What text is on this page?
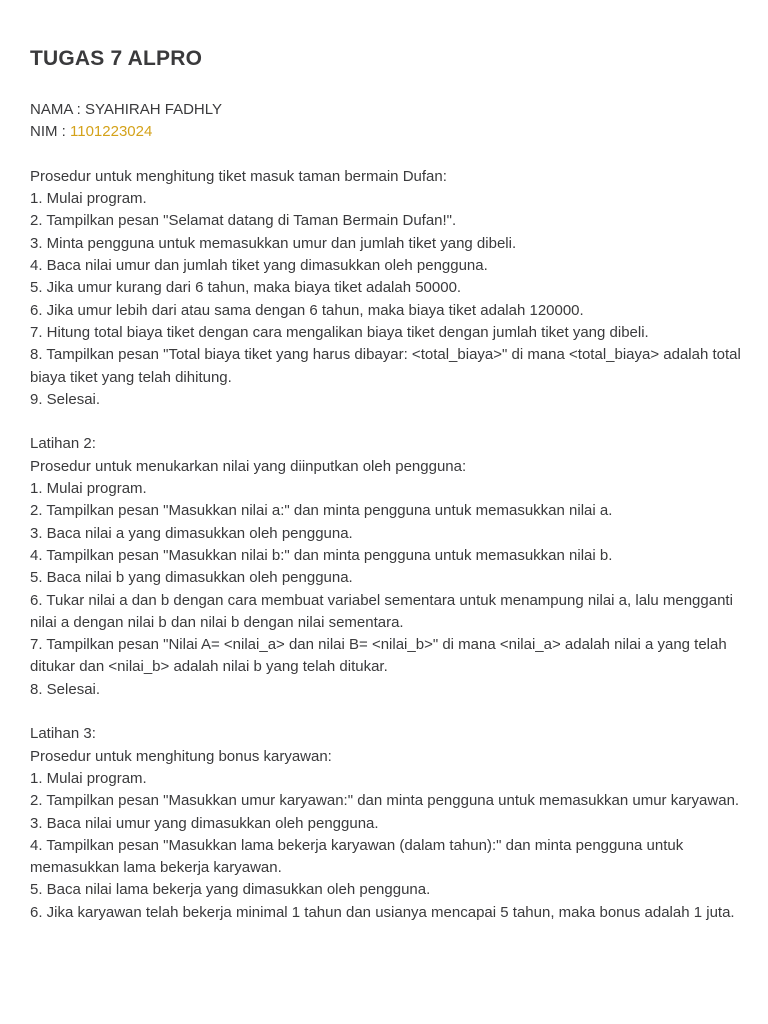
TUGAS 7 ALPRO
NAMA : SYAHIRAH FADHLY
NIM : 1101223024
Prosedur untuk menghitung tiket masuk taman bermain Dufan:
1. Mulai program.
2. Tampilkan pesan "Selamat datang di Taman Bermain Dufan!".
3. Minta pengguna untuk memasukkan umur dan jumlah tiket yang dibeli.
4. Baca nilai umur dan jumlah tiket yang dimasukkan oleh pengguna.
5. Jika umur kurang dari 6 tahun, maka biaya tiket adalah 50000.
6. Jika umur lebih dari atau sama dengan 6 tahun, maka biaya tiket adalah 120000.
7. Hitung total biaya tiket dengan cara mengalikan biaya tiket dengan jumlah tiket yang dibeli.
8. Tampilkan pesan "Total biaya tiket yang harus dibayar: <total_biaya>" di mana <total_biaya> adalah total biaya tiket yang telah dihitung.
9. Selesai.
Latihan 2:
Prosedur untuk menukarkan nilai yang diinputkan oleh pengguna:
1. Mulai program.
2. Tampilkan pesan "Masukkan nilai a:" dan minta pengguna untuk memasukkan nilai a.
3. Baca nilai a yang dimasukkan oleh pengguna.
4. Tampilkan pesan "Masukkan nilai b:" dan minta pengguna untuk memasukkan nilai b.
5. Baca nilai b yang dimasukkan oleh pengguna.
6. Tukar nilai a dan b dengan cara membuat variabel sementara untuk menampung nilai a, lalu mengganti nilai a dengan nilai b dan nilai b dengan nilai sementara.
7. Tampilkan pesan "Nilai A= <nilai_a> dan nilai B= <nilai_b>" di mana <nilai_a> adalah nilai a yang telah ditukar dan <nilai_b> adalah nilai b yang telah ditukar.
8. Selesai.
Latihan 3:
Prosedur untuk menghitung bonus karyawan:
1. Mulai program.
2. Tampilkan pesan "Masukkan umur karyawan:" dan minta pengguna untuk memasukkan umur karyawan.
3. Baca nilai umur yang dimasukkan oleh pengguna.
4. Tampilkan pesan "Masukkan lama bekerja karyawan (dalam tahun):" dan minta pengguna untuk memasukkan lama bekerja karyawan.
5. Baca nilai lama bekerja yang dimasukkan oleh pengguna.
6. Jika karyawan telah bekerja minimal 1 tahun dan usianya mencapai 5 tahun, maka bonus adalah 1 juta.
